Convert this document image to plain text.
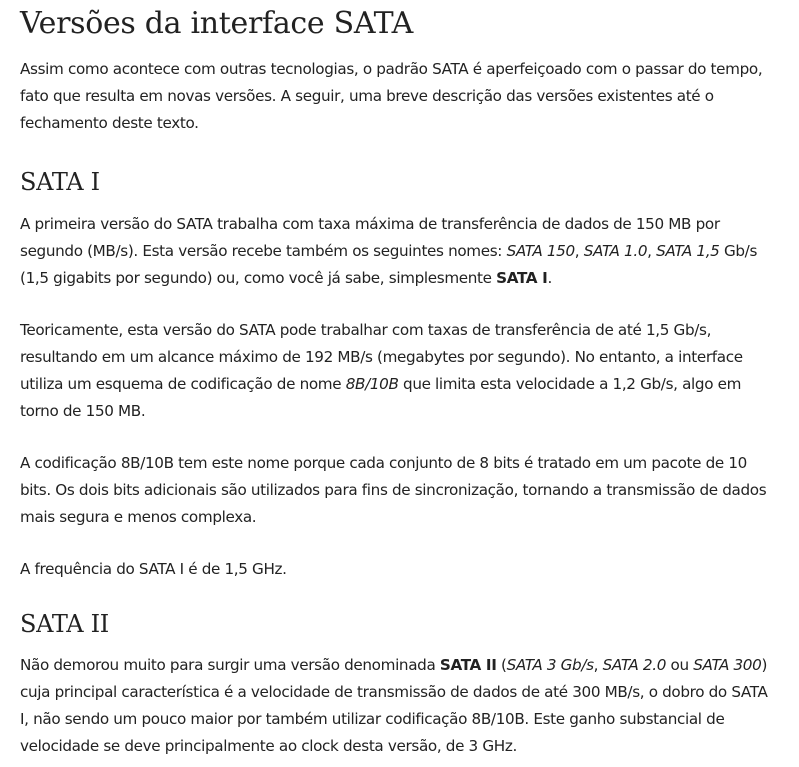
Versões da interface SATA

Assim como acontece com outras tecnologias, o padrão SATA é aperfeiçoado com o passar do tempo, fato que resulta em novas versões. A seguir, uma breve descrição das versões existentes até o fechamento deste texto.

SATA I

A primeira versão do SATA trabalha com taxa máxima de transferência de dados de 150 MB por segundo (MB/s). Esta versão recebe também os seguintes nomes: SATA 150, SATA 1.0, SATA 1,5 Gb/s (1,5 gigabits por segundo) ou, como você já sabe, simplesmente SATA I.

Teoricamente, esta versão do SATA pode trabalhar com taxas de transferência de até 1,5 Gb/s, resultando em um alcance máximo de 192 MB/s (megabytes por segundo). No entanto, a interface utiliza um esquema de codificação de nome 8B/10B que limita esta velocidade a 1,2 Gb/s, algo em torno de 150 MB.

A codificação 8B/10B tem este nome porque cada conjunto de 8 bits é tratado em um pacote de 10 bits. Os dois bits adicionais são utilizados para fins de sincronização, tornando a transmissão de dados mais segura e menos complexa.

A frequência do SATA I é de 1,5 GHz.

SATA II

Não demorou muito para surgir uma versão denominada SATA II (SATA 3 Gb/s, SATA 2.0 ou SATA 300) cuja principal característica é a velocidade de transmissão de dados de até 300 MB/s, o dobro do SATA I, não sendo um pouco maior por também utilizar codificação 8B/10B. Este ganho substancial de velocidade se deve principalmente ao clock desta versão, de 3 GHz.
